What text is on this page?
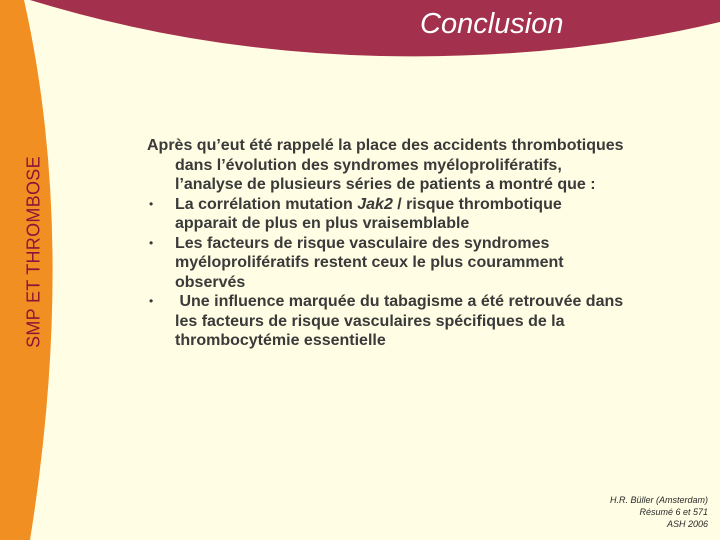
SMP ET THROMBOSE
Conclusion

Après qu’eut été rappelé la place des accidents thrombotiques dans l’évolution des syndromes myéloprolifératifs, l’analyse de plusieurs séries de patients a montré que :

• La corrélation mutation Jak2 / risque thrombotique apparait de plus en plus vraisemblable
• Les facteurs de risque vasculaire des syndromes myéloprolifératifs restent ceux le plus couramment observés
• Une influence marquée du tabagisme a été retrouvée dans les facteurs de risque vasculaires spécifiques de la thrombocytémie essentielle
H.R. Büller (Amsterdam)
Résumé 6 et 571
ASH 2006
